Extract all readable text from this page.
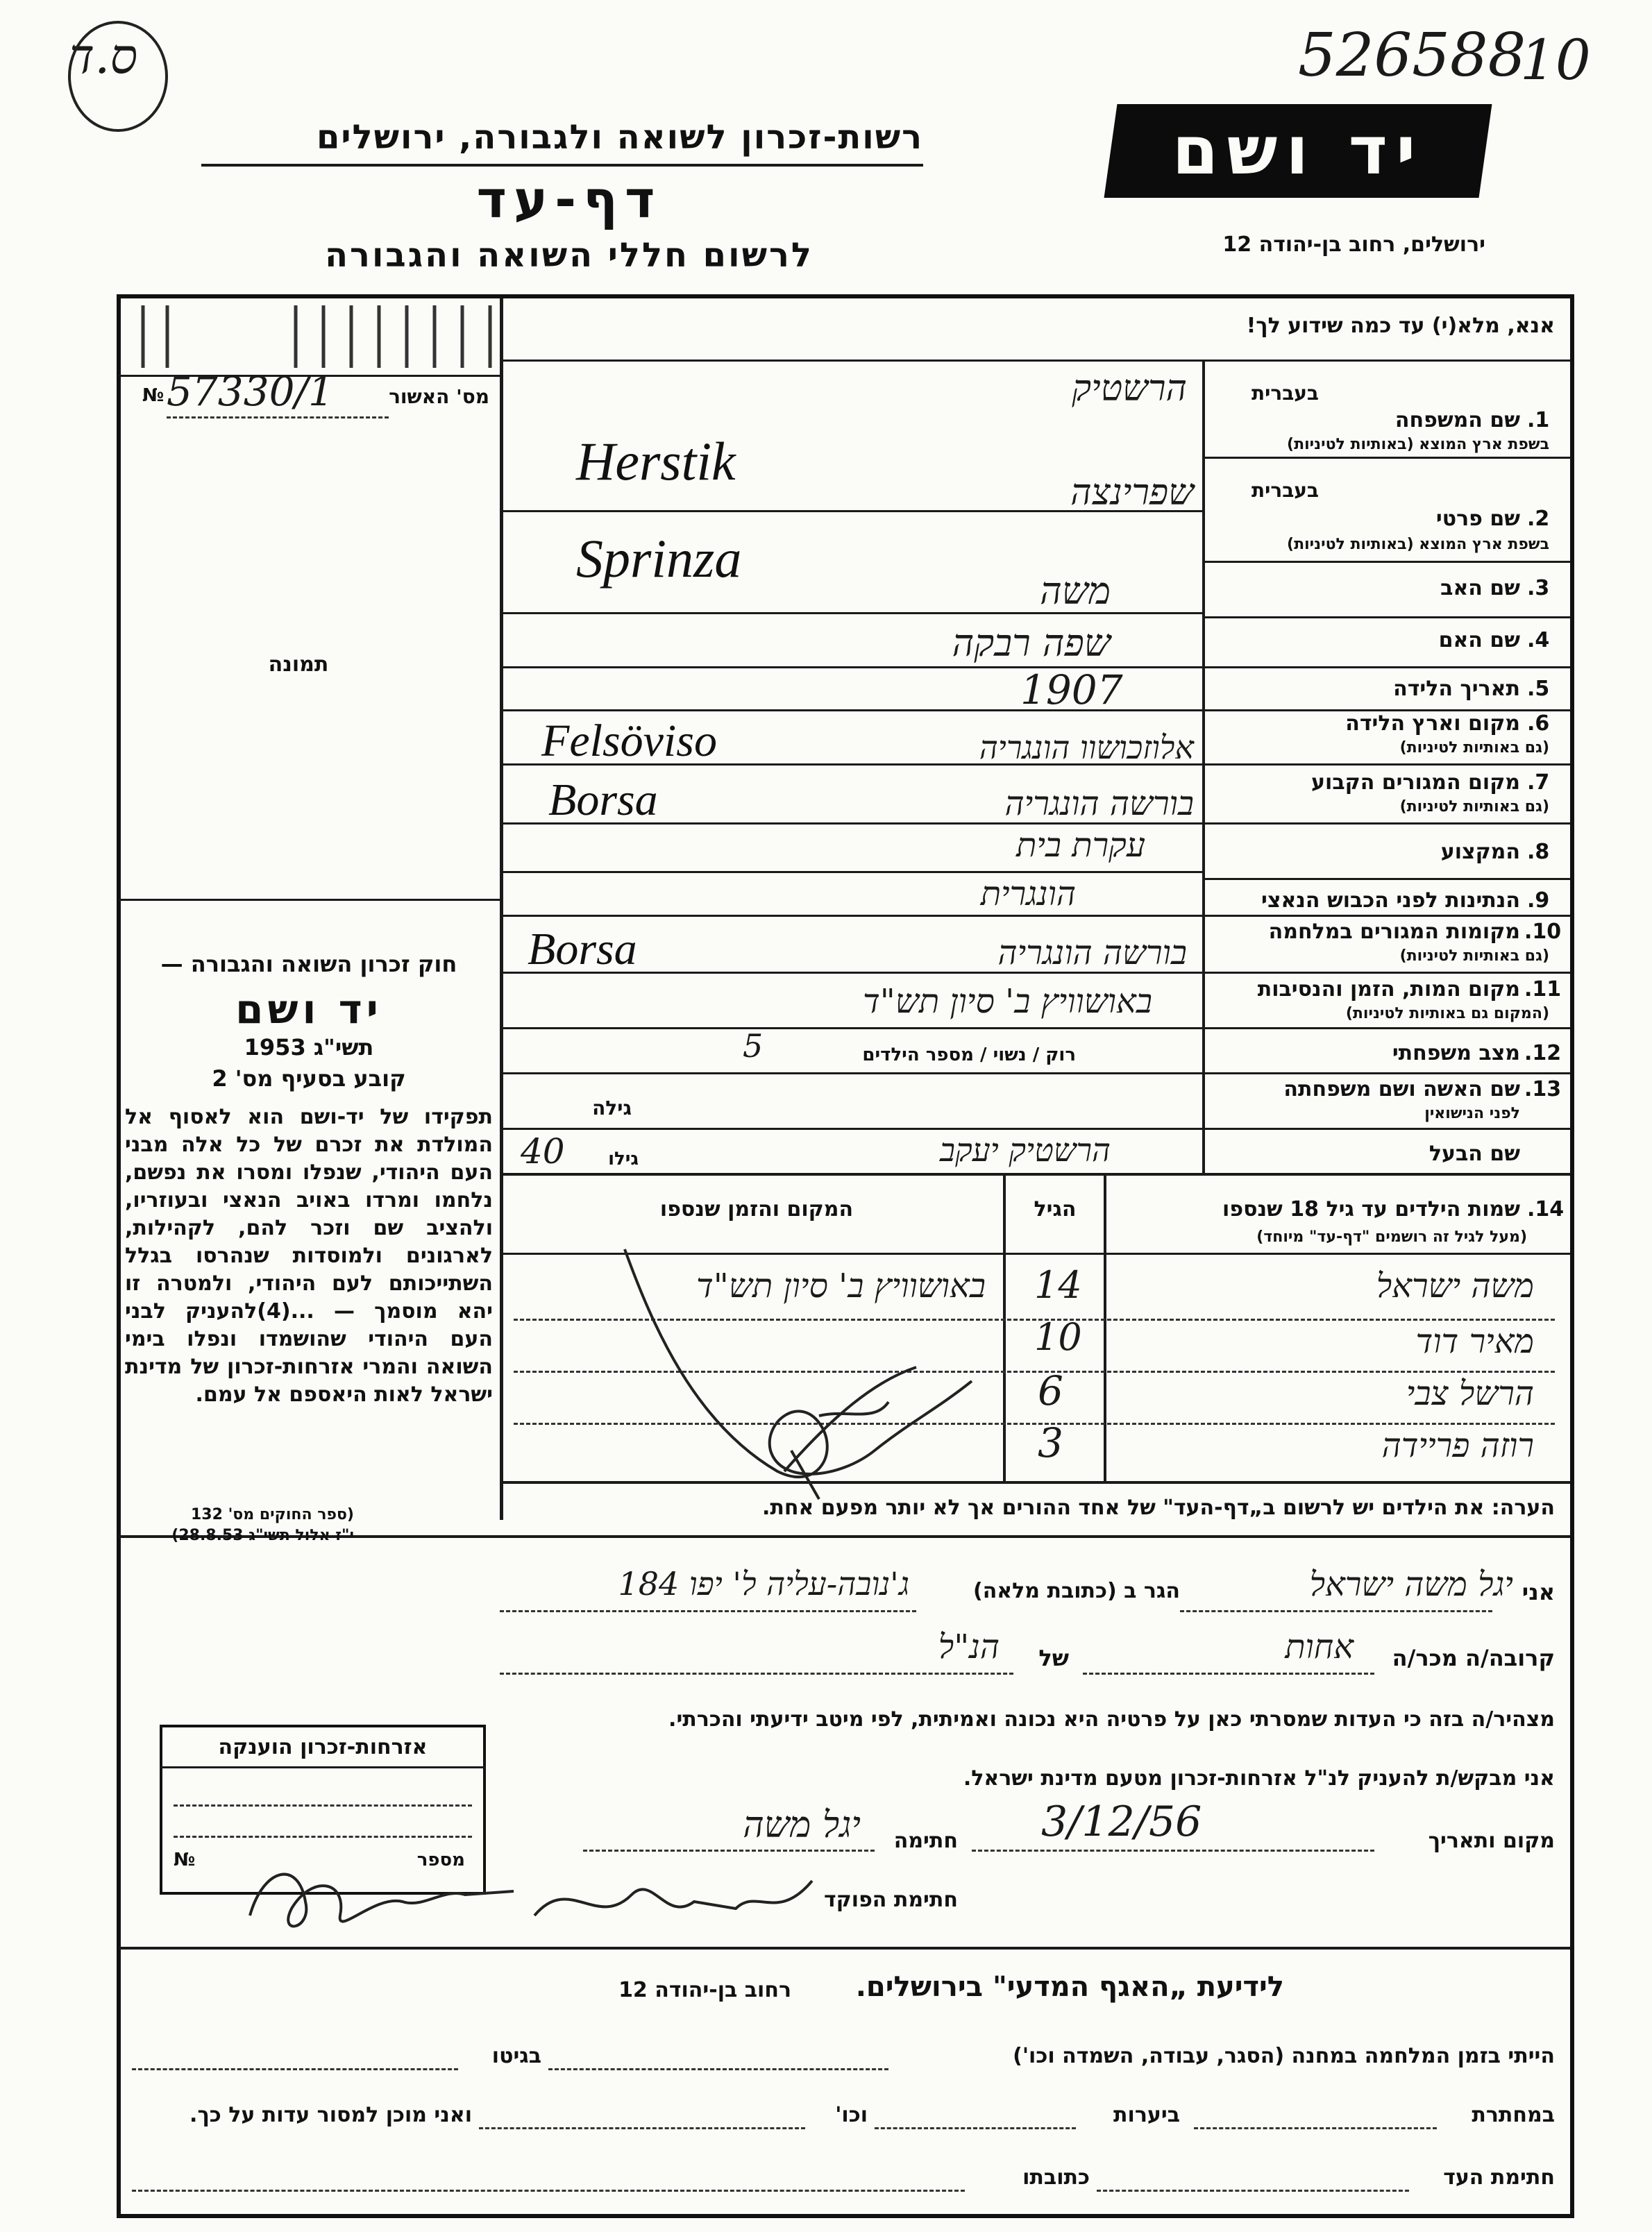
ס.ד	526588
10
רשות-זכרון לשואה ולגבורה, ירושלים
דף-עד
לרשום חללי השואה והגבורה
יד ושם
ירושלים, רחוב בן-יהודה 12
אנא, מלא(י) עד כמה שידוע לך!
מס' האשור
№ 57330/1
תמונה
בעברית
1.
שם המשפחה
בשפת ארץ המוצא (באותיות לטיניות)
הרשטיק
Herstik	בעברית
2.
שם פרטי
בשפת ארץ המוצא (באותיות לטיניות)
שפרינצה
Sprinza	3.
שם האב
משה
4.
שם האם
שפה רבקה
5.
תאריך הלידה
1907
6.
מקום וארץ הלידה
(גם באותיות לטיניות)
Felsöviso	אלוזכושוו הונגריה
7.
מקום המגורים הקבוע
(גם באותיות לטיניות)
Borsa	בורשה הונגריה
8.
המקצוע
עקרת בית
9.
הנתינות לפני הכבוש הנאצי
הונגרית
10.
מקומות המגורים במלחמה
(גם באותיות לטיניות)
Borsa	בורשה הונגריה
11.
מקום המות, הזמן והנסיבות
(המקום גם באותיות לטיניות)
באושוויץ ב' סיון תש"ד
12.
מצב משפחתי
רוק / נשוי / מספר הילדים
5
13.
שם האשה ושם משפחתה
לפני הנישואין
גילה
שם הבעל
הרשטיק יעקב
גילו
40
14.
שמות הילדים עד גיל 18 שנספו
(מעל לגיל זה רושמים "דף-עד" מיוחד)
הגיל
המקום והזמן שנספו
משה ישראל
14
באושוויץ ב' סיון תש"ד
מאיר דוד
10
הרשל צבי
6
רוזה פריידה
3
הערה: את הילדים יש לרשום ב„דף-העד" של אחד ההורים אך לא יותר מפעם אחת.
חוק זכרון השואה והגבורה —
יד ושם
תשי"ג 1953
קובע בסעיף מס' 2
תפקידו של יד-ושם הוא לאסוף אל המולדת את זכרם של כל אלה מבני העם היהודי, שנפלו ומסרו את נפשם, נלחמו ומרדו באויב הנאצי ובעוזריו, ולהציב שם וזכר להם, לקהילות, לארגונים ולמוסדות שנהרסו בגלל השתייכותם לעם היהודי, ולמטרה זו יהא מוסמך — ...(4)להעניק לבני העם היהודי שהושמדו ונפלו בימי השואה והמרי אזרחות-זכרון של מדינת ישראל לאות היאספם אל עמם.
(ספר החוקים מס' 132
י"ז אלול תשי"ג 28.8.53)
אזרחות-זכרון הוענקה
מספר
№
אני
יגל משה ישראל
הגר ב (כתובת מלאה)
ג'נובה-עליה ל' יפו 184
קרובה/ה מכר/ה
אחות
של
הנ"ל
מצהיר/ה בזה כי העדות שמסרתי כאן על פרטיה היא נכונה ואמיתית, לפי מיטב ידיעתי והכרתי.
אני מבקש/ת להעניק לנ"ל אזרחות-זכרון מטעם מדינת ישראל.
מקום ותאריך
3/12/56
חתימה
יגל משה
חתימת הפוקד
לידיעת „האגף המדעי" בירושלים.
רחוב בן-יהודה 12
הייתי בזמן המלחמה במחנה (הסגר, עבודה, השמדה וכו')
בגיטו
במחתרת
ביערות
וכו'
ואני מוכן למסור עדות על כך.
חתימת העד
כתובתו
